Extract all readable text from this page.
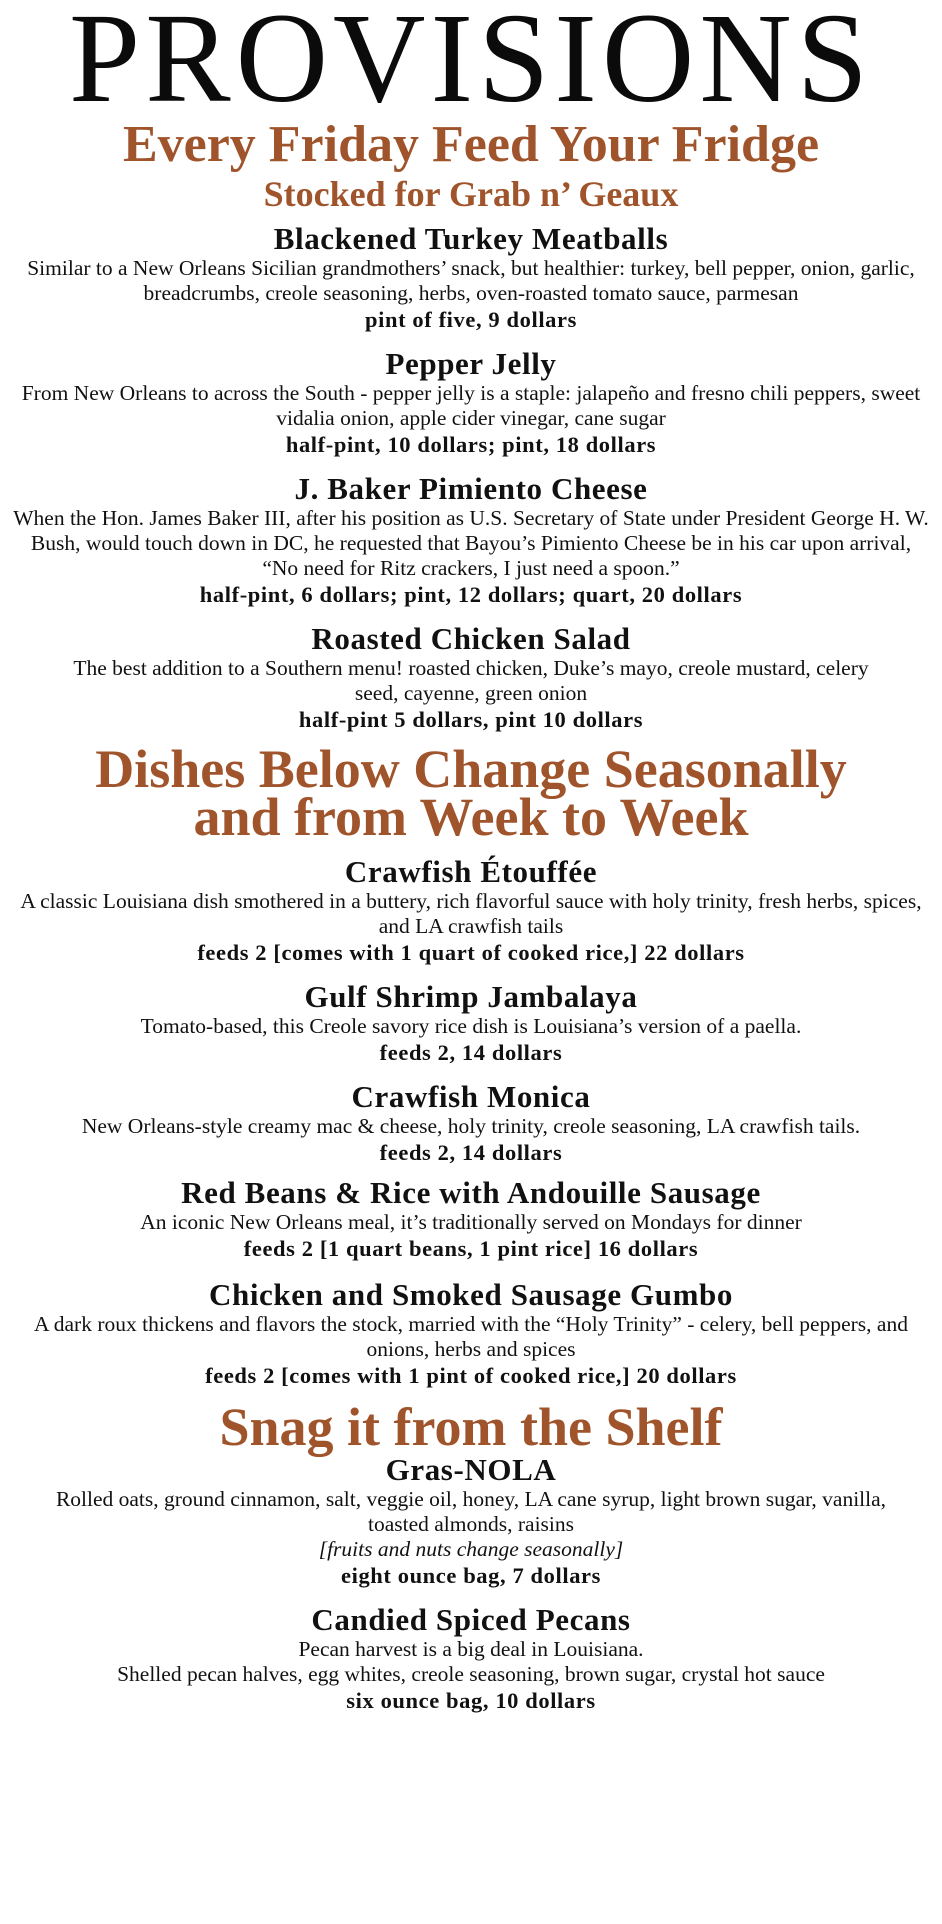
PROVISIONS
Every Friday Feed Your Fridge
Stocked for Grab n’ Geaux
Blackened Turkey Meatballs
Similar to a New Orleans Sicilian grandmothers’ snack, but healthier: turkey, bell pepper, onion, garlic, breadcrumbs, creole seasoning, herbs, oven-roasted tomato sauce, parmesan
pint of five, 9 dollars
Pepper Jelly
From New Orleans to across the South - pepper jelly is a staple: jalapeño and fresno chili peppers, sweet vidalia onion, apple cider vinegar, cane sugar
half-pint, 10 dollars; pint, 18 dollars
J. Baker Pimiento Cheese
When the Hon. James Baker III, after his position as U.S. Secretary of State under President George H. W. Bush, would touch down in DC, he requested that Bayou’s Pimiento Cheese be in his car upon arrival, “No need for Ritz crackers, I just need a spoon.”
half-pint, 6 dollars; pint, 12 dollars; quart, 20 dollars
Roasted Chicken Salad
The best addition to a Southern menu! roasted chicken, Duke’s mayo, creole mustard, celery seed, cayenne, green onion
half-pint 5 dollars, pint 10 dollars
Dishes Below Change Seasonally
and from Week to Week
Crawfish Étouffée
A classic Louisiana dish smothered in a buttery, rich flavorful sauce with holy trinity, fresh herbs, spices, and LA crawfish tails
feeds 2 [comes with 1 quart of cooked rice,] 22 dollars
Gulf Shrimp Jambalaya
Tomato-based, this Creole savory rice dish is Louisiana’s version of a paella.
feeds 2, 14 dollars
Crawfish Monica
New Orleans-style creamy mac & cheese, holy trinity, creole seasoning, LA crawfish tails.
feeds 2, 14 dollars
Red Beans & Rice with Andouille Sausage
An iconic New Orleans meal, it’s traditionally served on Mondays for dinner
feeds 2 [1 quart beans, 1 pint rice] 16 dollars
Chicken and Smoked Sausage Gumbo
A dark roux thickens and flavors the stock, married with the “Holy Trinity” - celery, bell peppers, and onions, herbs and spices
feeds 2 [comes with 1 pint of cooked rice,] 20 dollars
Snag it from the Shelf
Gras-NOLA
Rolled oats, ground cinnamon, salt, veggie oil, honey, LA cane syrup, light brown sugar, vanilla, toasted almonds, raisins
[fruits and nuts change seasonally]
eight ounce bag, 7 dollars
Candied Spiced Pecans
Pecan harvest is a big deal in Louisiana.
Shelled pecan halves, egg whites, creole seasoning, brown sugar, crystal hot sauce
six ounce bag, 10 dollars
